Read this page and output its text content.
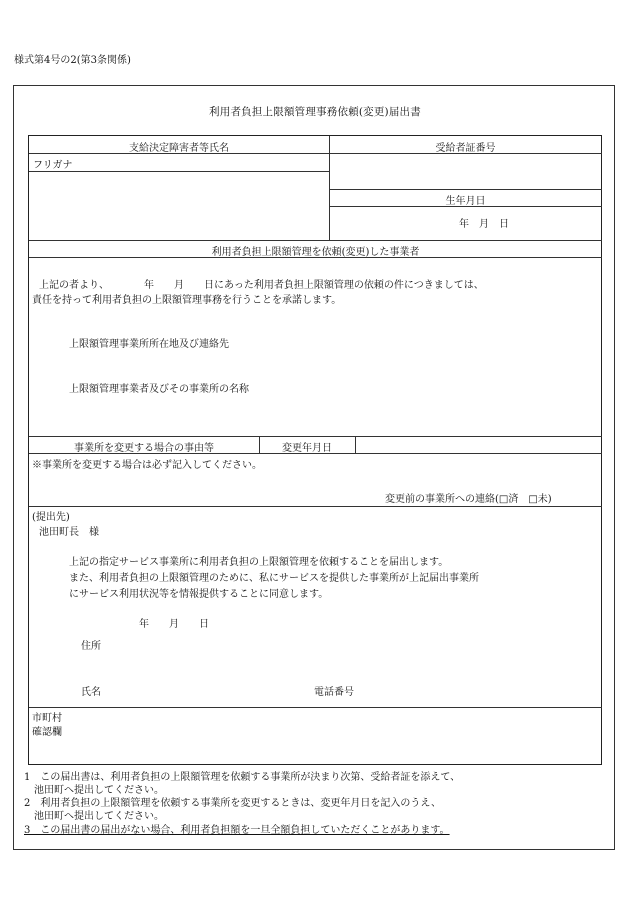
様式第4号の2(第3条関係)
利用者負担上限額管理事務依頼(変更)届出書
支給決定障害者等氏名	受給者証番号
フリガナ
生年月日
年　月　日
利用者負担上限額管理を依頼(変更)した事業者
上記の者より、　　　　年　　月　　日にあった利用者負担上限額管理の依頼の件につきましては、
責任を持って利用者負担の上限額管理事務を行うことを承諾します。
上限額管理事業所所在地及び連絡先
上限額管理事業者及びその事業所の名称
事業所を変更する場合の事由等	変更年月日
※事業所を変更する場合は必ず記入してください。
変更前の事業所への連絡(□済　□未)
(提出先)
池田町長　様
上記の指定サービス事業所に利用者負担の上限額管理を依頼することを届出します。
また、利用者負担の上限額管理のために、私にサービスを提供した事業所が上記届出事業所
にサービス利用状況等を情報提供することに同意します。
年　　月　　日
住所
氏名	電話番号
市町村
確認欄
1　この届出書は、利用者負担の上限額管理を依頼する事業所が決まり次第、受給者証を添えて、
　池田町へ提出してください。
2　利用者負担の上限額管理を依頼する事業所を変更するときは、変更年月日を記入のうえ、
　池田町へ提出してください。
3　この届出書の届出がない場合、利用者負担額を一旦全額負担していただくことがあります。
